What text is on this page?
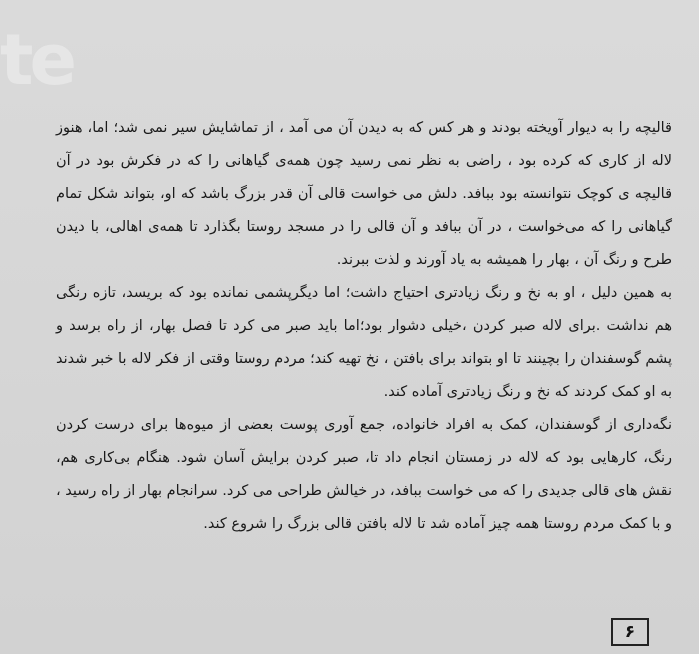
te

قالیچه را به دیوار آویخته بودند و هر کس که به دیدن آن می آمد ، از تماشایش سیر نمی شد؛ اما، هنوز لاله از کاری که کرده بود ، راضی به نظر نمی رسید چون همه‌ی گیاهانی را که در فکرش بود در آن قالیچه ی کوچک نتوانسته بود ببافد. دلش می خواست قالی آن قدر بزرگ باشد که او، بتواند شکل تمام گیاهانی را که می‌خواست ، در آن ببافد و آن قالی را در مسجد روستا بگذارد تا همه‌ی اهالی، با دیدن طرح و رنگ آن ، بهار را همیشه به یاد آورند و لذت ببرند.

به همین دلیل ، او به نخ و رنگ زیادتری احتیاج داشت؛ اما دیگرپشمی نمانده بود که بریسد، تازه رنگی هم نداشت .برای لاله صبر کردن ،خیلی دشوار بود؛اما باید صبر می کرد تا فصل بهار، از راه برسد و پشم گوسفندان را بچینند تا او بتواند برای بافتن ، نخ تهیه کند؛ مردم روستا وقتی از فکر لاله با خبر شدند به او کمک کردند که نخ و رنگ زیادتری آماده کند.

نگه‌داری از گوسفندان، کمک به افراد خانواده، جمع آوری پوست بعضی از میوه‌ها برای درست کردن رنگ، کارهایی بود که لاله در زمستان انجام داد تا، صبر کردن برایش آسان شود. هنگام بی‌کاری هم، نقش های قالی جدیدی را که می خواست ببافد، در خیالش طراحی می کرد. سرانجام بهار از راه رسید ، و با کمک مردم روستا همه چیز آماده شد تا لاله بافتن قالی بزرگ را شروع کند.

۶
